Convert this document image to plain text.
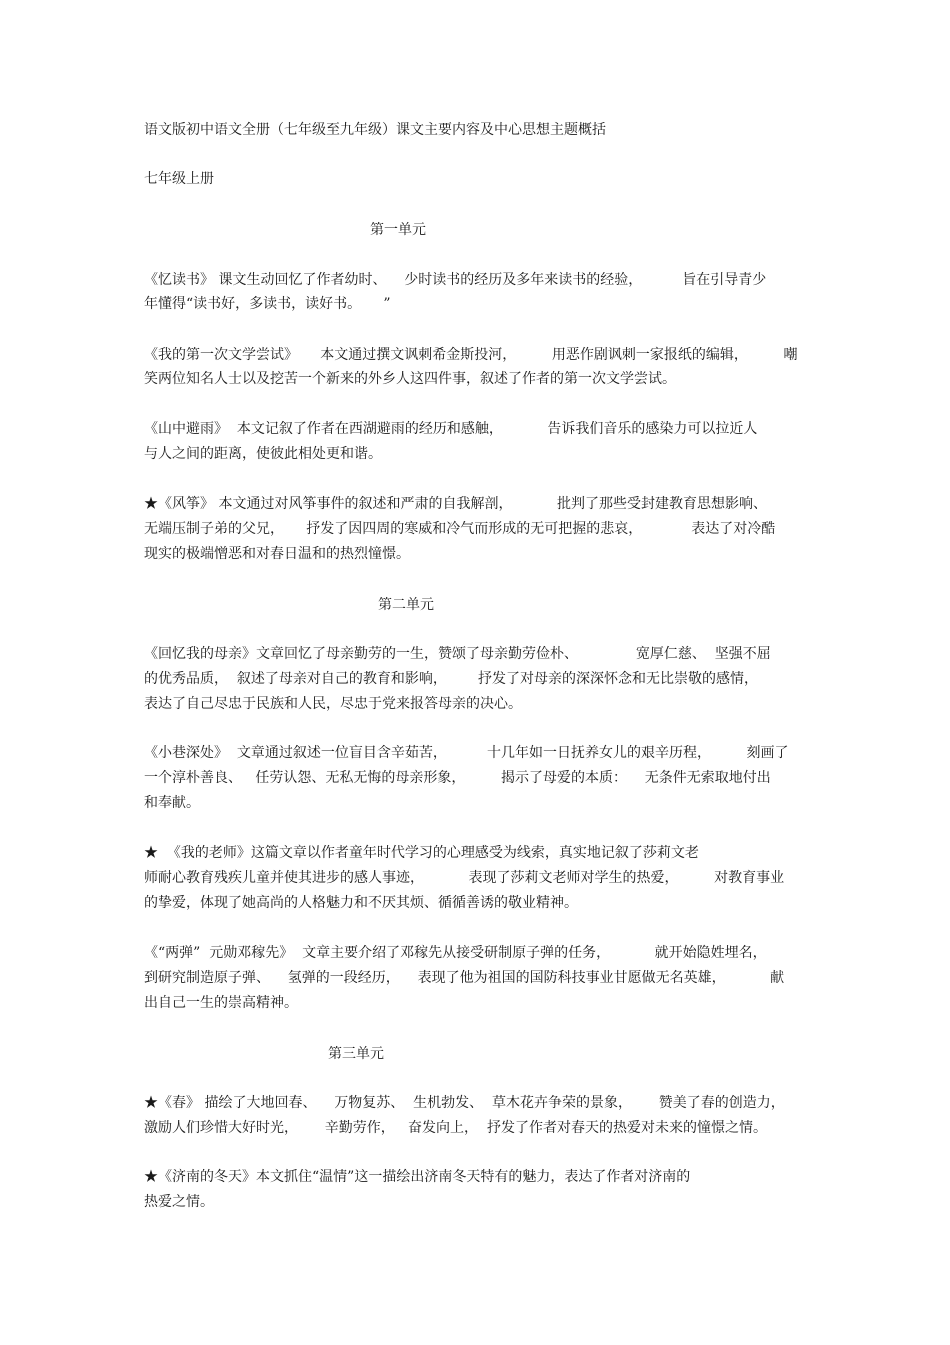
语文版初中语文全册（七年级至九年级）课文主要内容及中心思想主题概括
七年级上册
第一单元
《忆读书》 课文生动回忆了作者幼时、    少时读书的经历及多年来读书的经验，         旨在引导青少
年懂得“读书好，多读书，读好书。     ”
《我的第一次文学尝试》     本文通过撰文讽刺希金斯投河，        用恶作剧讽刺一家报纸的编辑，        嘲
笑两位知名人士以及挖苦一个新来的外乡人这四件事，叙述了作者的第一次文学尝试。
《山中避雨》  本文记叙了作者在西湖避雨的经历和感触，          告诉我们音乐的感染力可以拉近人
与人之间的距离，使彼此相处更和谐。
★《风筝》 本文通过对风筝事件的叙述和严肃的自我解剖，          批判了那些受封建教育思想影响、
无端压制子弟的父兄，     抒发了因四周的寒威和冷气而形成的无可把握的悲哀，           表达了对冷酷
现实的极端憎恶和对春日温和的热烈憧憬。
第二单元
《回忆我的母亲》文章回忆了母亲勤劳的一生，赞颂了母亲勤劳俭朴、             宽厚仁慈、  坚强不屈
的优秀品质，  叙述了母亲对自己的教育和影响，       抒发了对母亲的深深怀念和无比崇敬的感情，
表达了自己尽忠于民族和人民，尽忠于党来报答母亲的决心。
《小巷深处》  文章通过叙述一位盲目含辛茹苦，         十几年如一日抚养女儿的艰辛历程，        刻画了
一个淳朴善良、   任劳认怨、无私无悔的母亲形象，        揭示了母爱的本质：    无条件无索取地付出
和奉献。
★  《我的老师》这篇文章以作者童年时代学习的心理感受为线索，真实地记叙了莎莉文老
师耐心教育残疾儿童并使其进步的感人事迹，          表现了莎莉文老师对学生的热爱，        对教育事业
的挚爱，体现了她高尚的人格魅力和不厌其烦、循循善诱的敬业精神。
《“两弹”  元勋邓稼先》  文章主要介绍了邓稼先从接受研制原子弹的任务，          就开始隐姓埋名，
到研究制造原子弹、    氢弹的一段经历，    表现了他为祖国的国防科技事业甘愿做无名英雄，          献
出自己一生的崇高精神。
第三单元
★《春》 描绘了大地回春、    万物复苏、  生机勃发、  草木花卉争荣的景象，      赞美了春的创造力，
激励人们珍惜大好时光，      辛勤劳作，   奋发向上，  抒发了作者对春天的热爱对未来的憧憬之情。
★《济南的冬天》本文抓住“温情”这一描绘出济南冬天特有的魅力，表达了作者对济南的
热爱之情。
